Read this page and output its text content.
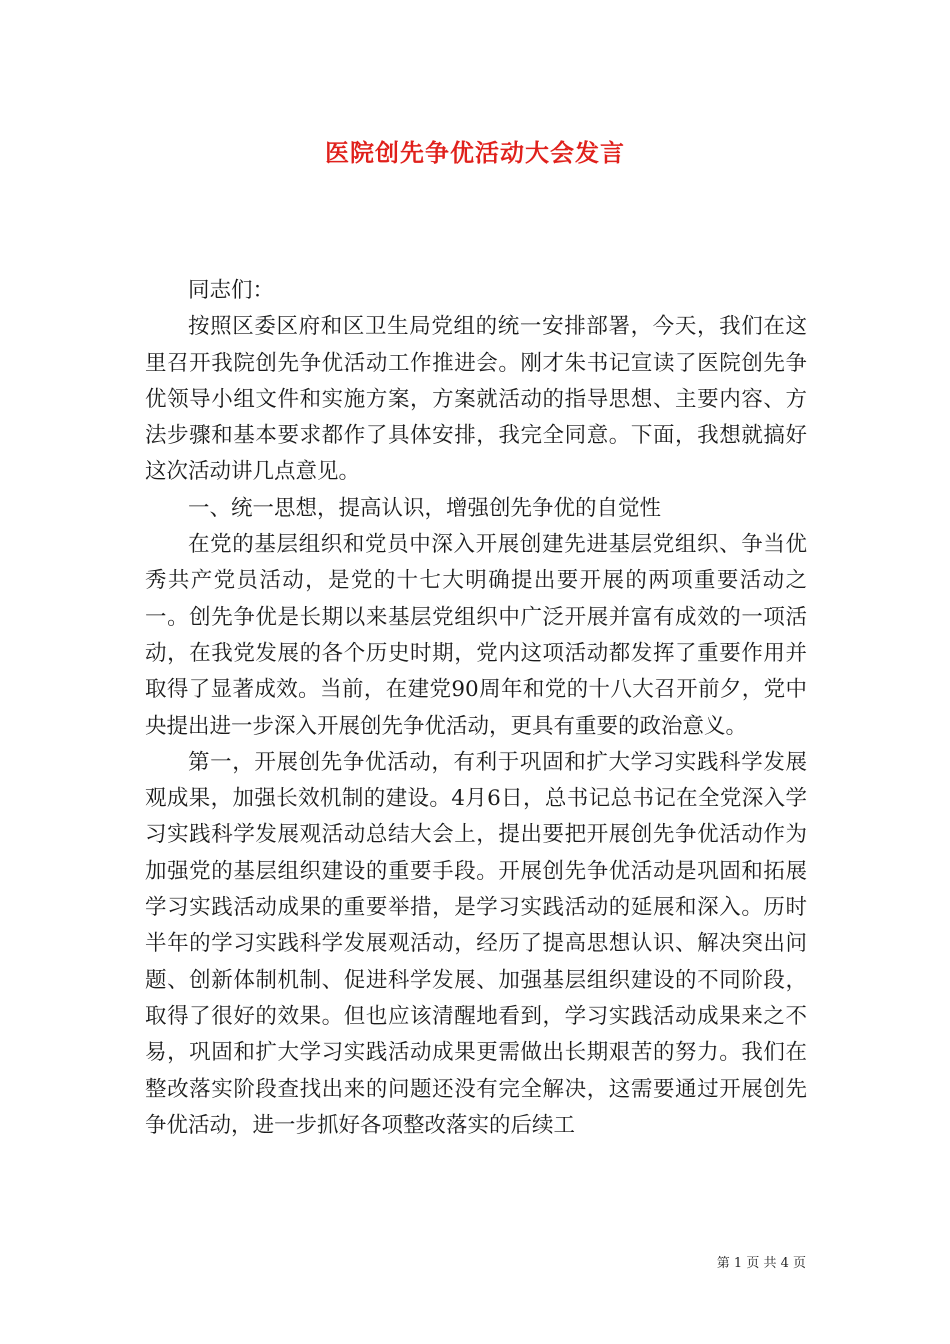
医院创先争优活动大会发言

同志们：

按照区委区府和区卫生局党组的统一安排部署，今天，我们在这里召开我院创先争优活动工作推进会。刚才朱书记宣读了医院创先争优领导小组文件和实施方案，方案就活动的指导思想、主要内容、方法步骤和基本要求都作了具体安排，我完全同意。下面，我想就搞好这次活动讲几点意见。

一、统一思想，提高认识，增强创先争优的自觉性

在党的基层组织和党员中深入开展创建先进基层党组织、争当优秀共产党员活动，是党的十七大明确提出要开展的两项重要活动之一。创先争优是长期以来基层党组织中广泛开展并富有成效的一项活动，在我党发展的各个历史时期，党内这项活动都发挥了重要作用并取得了显著成效。当前，在建党90周年和党的十八大召开前夕，党中央提出进一步深入开展创先争优活动，更具有重要的政治意义。

第一，开展创先争优活动，有利于巩固和扩大学习实践科学发展观成果，加强长效机制的建设。4月6日，总书记总书记在全党深入学习实践科学发展观活动总结大会上，提出要把开展创先争优活动作为加强党的基层组织建设的重要手段。开展创先争优活动是巩固和拓展学习实践活动成果的重要举措，是学习实践活动的延展和深入。历时半年的学习实践科学发展观活动，经历了提高思想认识、解决突出问题、创新体制机制、促进科学发展、加强基层组织建设的不同阶段，取得了很好的效果。但也应该清醒地看到，学习实践活动成果来之不易，巩固和扩大学习实践活动成果更需做出长期艰苦的努力。我们在整改落实阶段查找出来的问题还没有完全解决，这需要通过开展创先争优活动，进一步抓好各项整改落实的后续工

第 1 页 共 4 页
